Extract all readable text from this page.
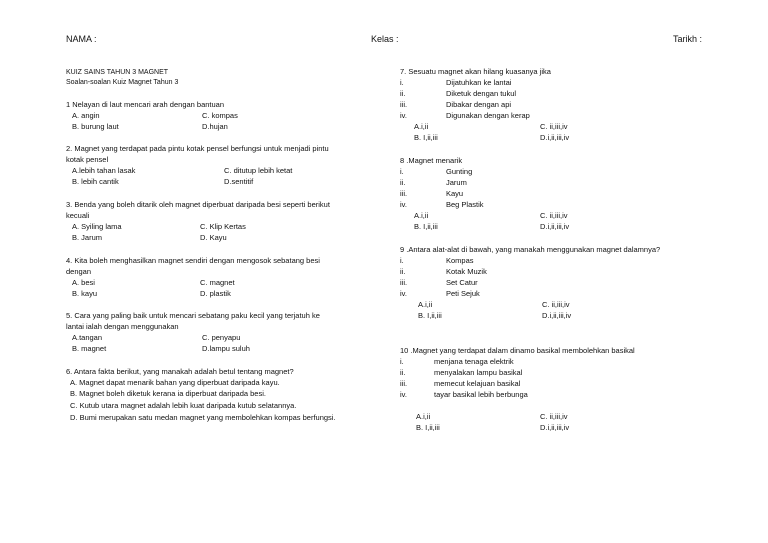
NAMA :	Kelas :	Tarikh :
KUIZ SAINS TAHUN 3 MAGNET
Soalan-soalan Kuiz Magnet Tahun 3
1 Nelayan di laut mencari arah dengan bantuan
A. angin	C. kompas
B. burung laut	D.hujan
2. Magnet yang terdapat pada pintu kotak pensel berfungsi untuk menjadi pintu
kotak pensel
A.lebih tahan lasak	C. ditutup lebih ketat
B. lebih cantik	D.sentitif
3. Benda yang boleh ditarik oleh magnet diperbuat daripada besi seperti berikut
kecuali
A. Syiling lama	C. Klip Kertas
B. Jarum	D. Kayu
4. Kita boleh menghasilkan magnet sendiri dengan mengosok sebatang besi
dengan
A. besi	C. magnet
B. kayu	D. plastik
5. Cara yang paling baik untuk mencari sebatang paku kecil yang terjatuh ke
lantai ialah dengan menggunakan
A.tangan	C. penyapu
B. magnet	D.lampu suluh
6. Antara fakta berikut, yang manakah adalah betul tentang magnet?
A. Magnet dapat menarik bahan yang diperbuat daripada kayu.
B. Magnet boleh diketuk kerana ia diperbuat daripada besi.
C. Kutub utara magnet adalah lebih kuat daripada kutub selatannya.
D. Bumi merupakan satu medan magnet yang membolehkan kompas berfungsi.
7. Sesuatu magnet akan hilang kuasanya jika
i.	Dijatuhkan ke lantai
ii.	Diketuk dengan tukul
iii.	Dibakar dengan api
iv.	Digunakan dengan kerap
A.i,ii	C. ii,iii,iv
B. I,ii,iii	D.i,ii,iii,iv
8 .Magnet menarik
i.	Gunting
ii.	Jarum
iii.	Kayu
iv.	Beg Plastik
A.i,ii	C. ii,iii,iv
B. I,ii,iii	D.i,ii,iii,iv
9 .Antara alat-alat di bawah, yang manakah menggunakan magnet dalamnya?
i.	Kompas
ii.	Kotak Muzik
iii.	Set Catur
iv.	Peti Sejuk
A.i,ii	C. ii,iii,iv
B. I,ii,iii	D.i,ii,iii,iv
10 .Magnet yang terdapat dalam dinamo basikal membolehkan basikal
i.	menjana tenaga elektrik
ii.	menyalakan lampu basikal
iii.	memecut kelajuan basikal
iv.	tayar basikal lebih berbunga
A.i,ii	C. ii,iii,iv
B. I,ii,iii	D.i,ii,iii,iv
